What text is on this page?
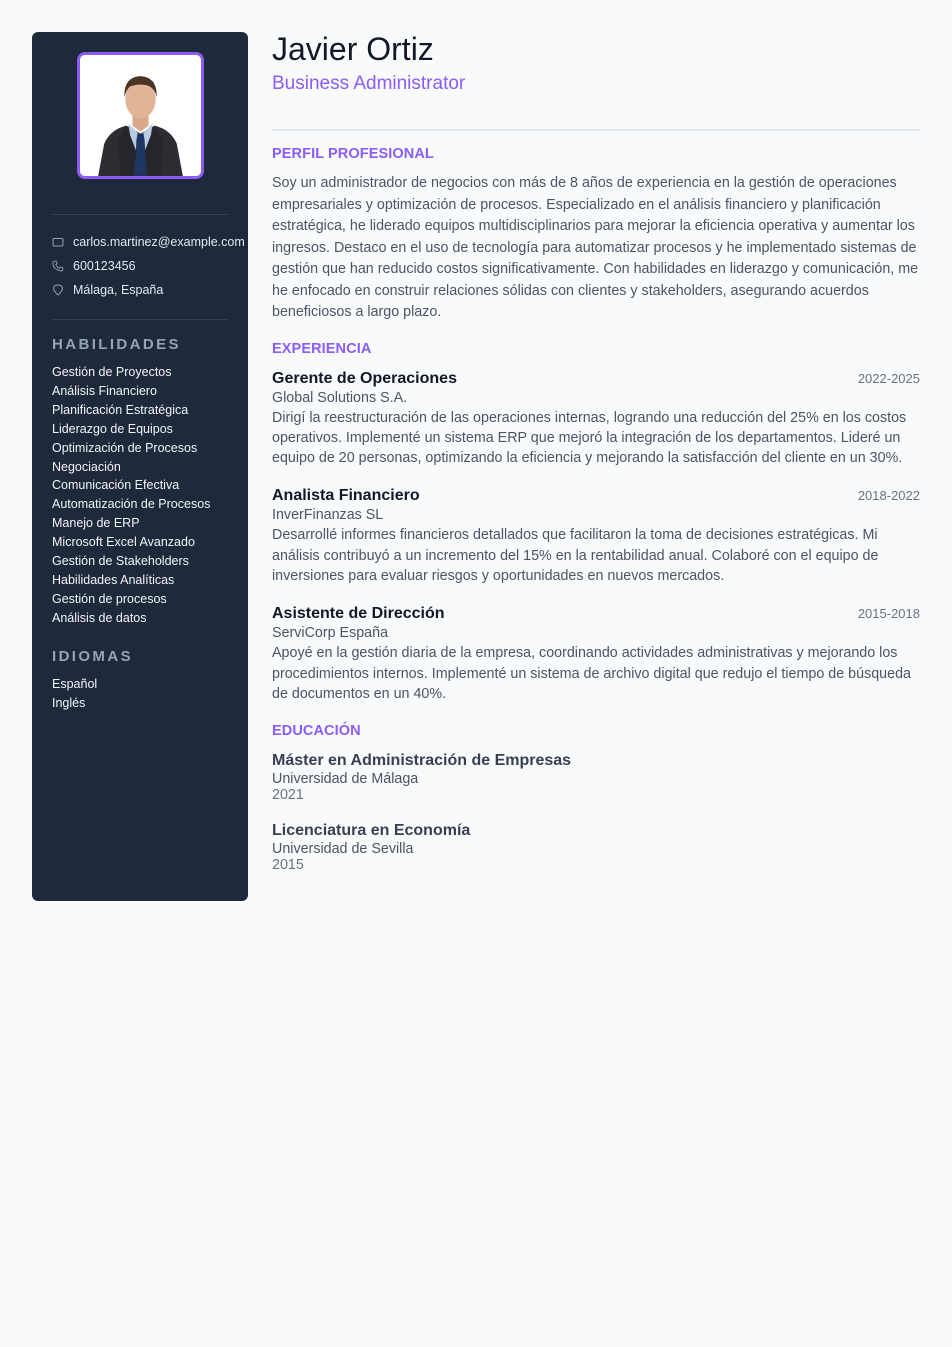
carlos.martinez@example.com
600123456
Málaga, España
HABILIDADES
Gestión de Proyectos
Análisis Financiero
Planificación Estratégica
Liderazgo de Equipos
Optimización de Procesos
Negociación
Comunicación Efectiva
Automatización de Procesos
Manejo de ERP
Microsoft Excel Avanzado
Gestión de Stakeholders
Habilidades Analíticas
Gestión de procesos
Análisis de datos
IDIOMAS
Español
Inglés
Javier Ortiz
Business Administrator
PERFIL PROFESIONAL

Soy un administrador de negocios con más de 8 años de experiencia en la gestión de operaciones empresariales y optimización de procesos. Especializado en el análisis financiero y planificación estratégica, he liderado equipos multidisciplinarios para mejorar la eficiencia operativa y aumentar los ingresos. Destaco en el uso de tecnología para automatizar procesos y he implementado sistemas de gestión que han reducido costos significativamente. Con habilidades en liderazgo y comunicación, me he enfocado en construir relaciones sólidas con clientes y stakeholders, asegurando acuerdos beneficiosos a largo plazo.

EXPERIENCIA
Gerente de Operaciones	2022-2025
Global Solutions S.A.

Dirigí la reestructuración de las operaciones internas, logrando una reducción del 25% en los costos operativos. Implementé un sistema ERP que mejoró la integración de los departamentos. Lideré un equipo de 20 personas, optimizando la eficiencia y mejorando la satisfacción del cliente en un 30%.

Analista Financiero	2018-2022
InverFinanzas SL

Desarrollé informes financieros detallados que facilitaron la toma de decisiones estratégicas. Mi análisis contribuyó a un incremento del 15% en la rentabilidad anual. Colaboré con el equipo de inversiones para evaluar riesgos y oportunidades en nuevos mercados.

Asistente de Dirección	2015-2018
ServiCorp España

Apoyé en la gestión diaria de la empresa, coordinando actividades administrativas y mejorando los procedimientos internos. Implementé un sistema de archivo digital que redujo el tiempo de búsqueda de documentos en un 40%.

EDUCACIÓN
Máster en Administración de Empresas
Universidad de Málaga
2021
Licenciatura en Economía
Universidad de Sevilla
2015
